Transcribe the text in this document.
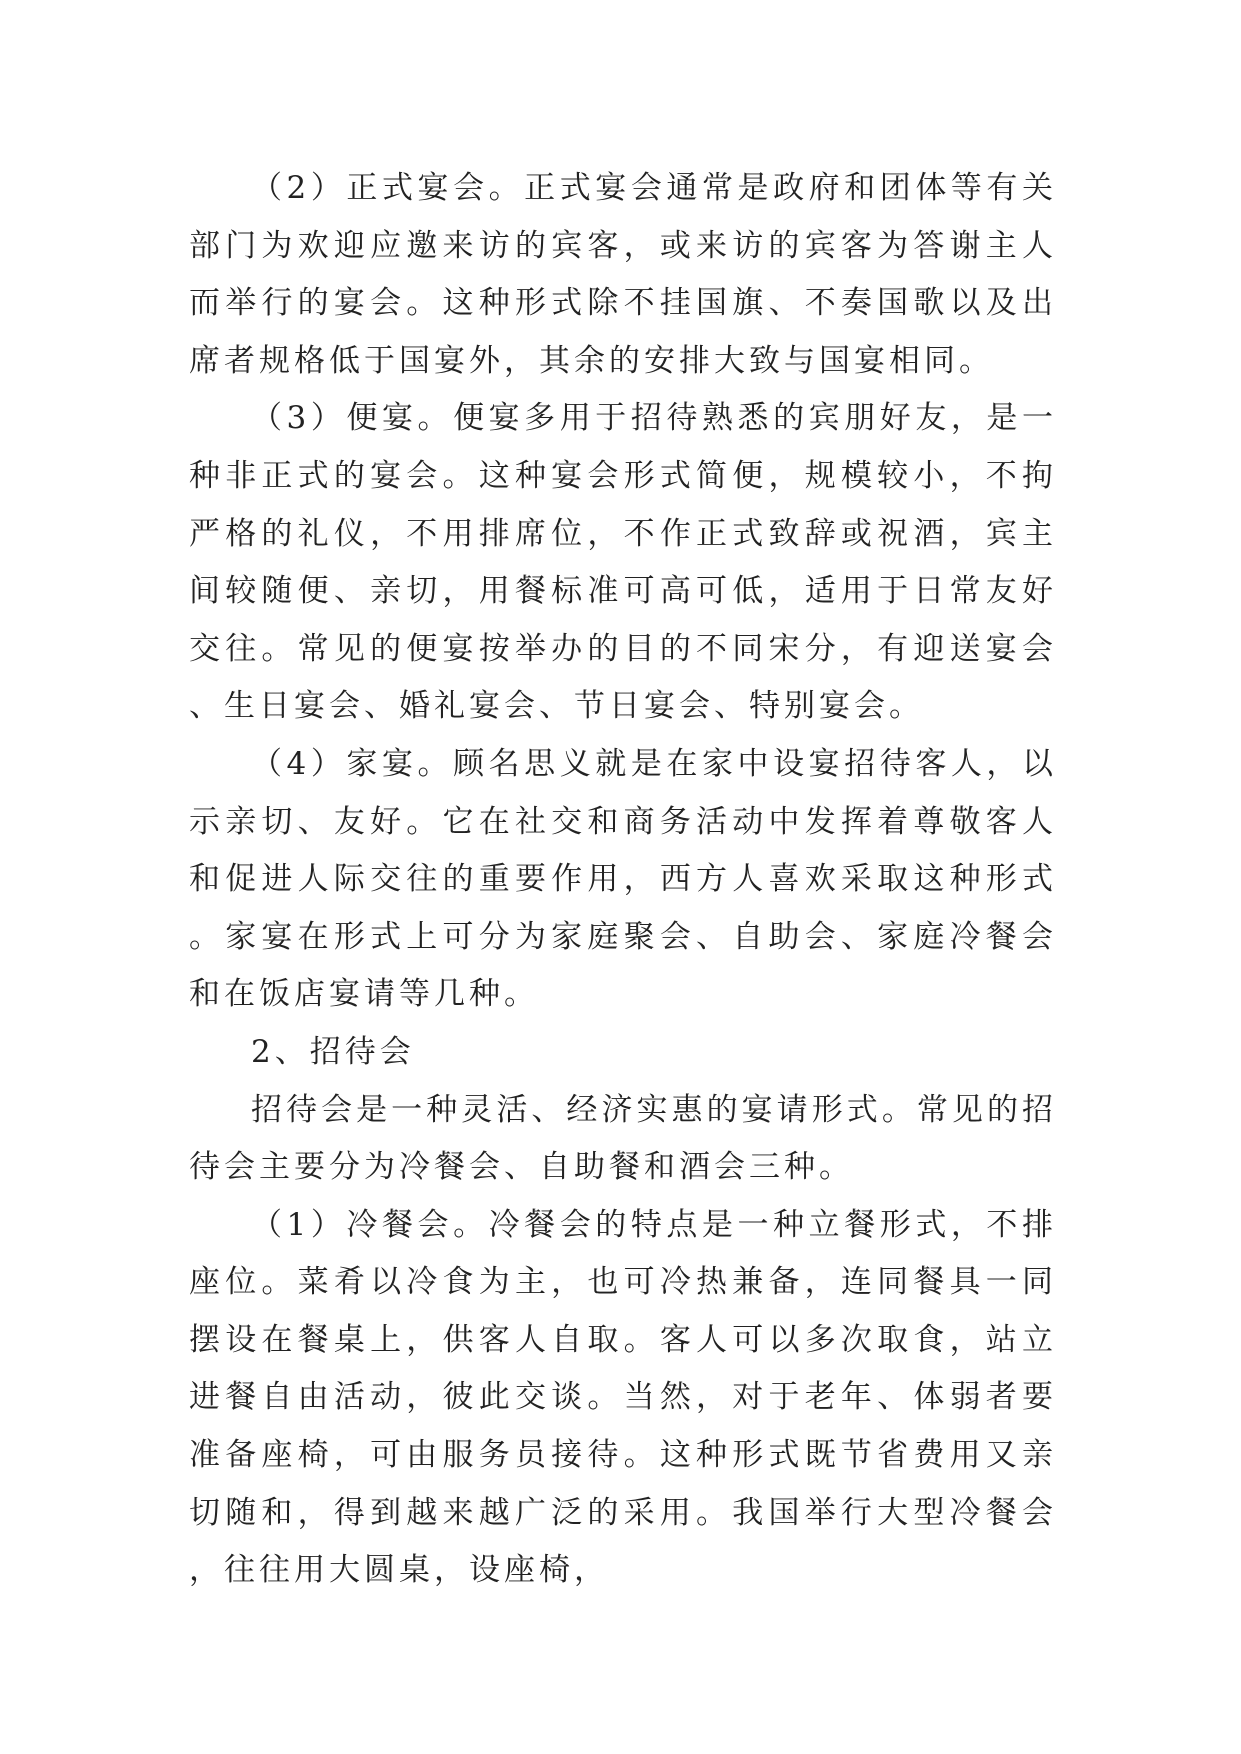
（2）正式宴会。正式宴会通常是政府和团体等有关部门为欢迎应邀来访的宾客，或来访的宾客为答谢主人而举行的宴会。这种形式除不挂国旗、不奏国歌以及出席者规格低于国宴外，其余的安排大致与国宴相同。

（3）便宴。便宴多用于招待熟悉的宾朋好友，是一种非正式的宴会。这种宴会形式简便，规模较小，不拘严格的礼仪，不用排席位，不作正式致辞或祝酒，宾主间较随便、亲切，用餐标准可高可低，适用于日常友好交往。常见的便宴按举办的目的不同宋分，有迎送宴会、生日宴会、婚礼宴会、节日宴会、特别宴会。

（4）家宴。顾名思义就是在家中设宴招待客人，以示亲切、友好。它在社交和商务活动中发挥着尊敬客人和促进人际交往的重要作用，西方人喜欢采取这种形式。家宴在形式上可分为家庭聚会、自助会、家庭冷餐会和在饭店宴请等几种。

2、招待会

招待会是一种灵活、经济实惠的宴请形式。常见的招待会主要分为冷餐会、自助餐和酒会三种。

（1）冷餐会。冷餐会的特点是一种立餐形式，不排座位。菜肴以冷食为主，也可冷热兼备，连同餐具一同摆设在餐桌上，供客人自取。客人可以多次取食，站立进餐自由活动，彼此交谈。当然，对于老年、体弱者要准备座椅，可由服务员接待。这种形式既节省费用又亲切随和，得到越来越广泛的采用。我国举行大型冷餐会，往往用大圆桌，设座椅，
